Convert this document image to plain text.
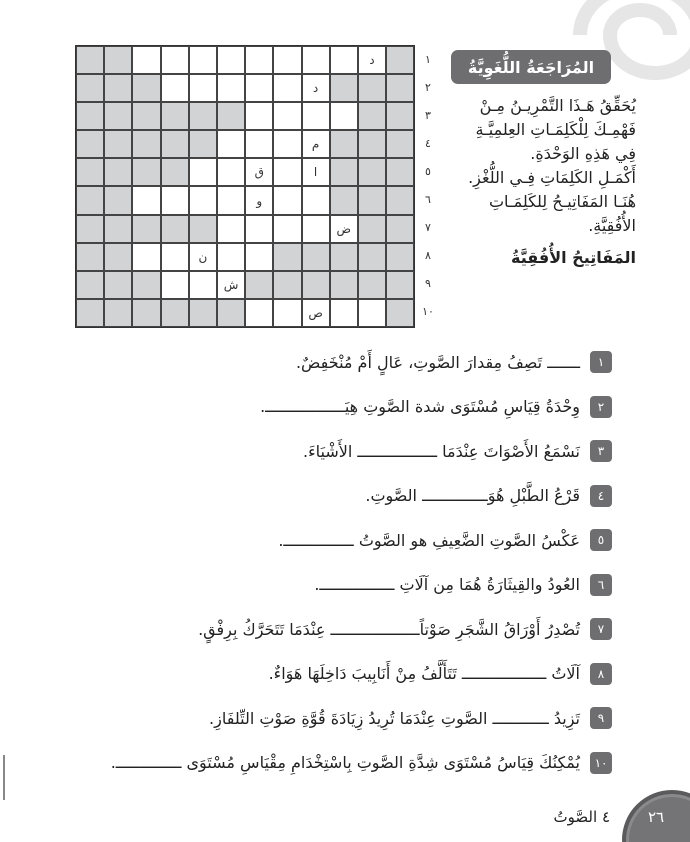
المُرَاجَعَةُ اللُّغَوِيَّةُ
يُحَقِّقُ هَـذَا التَّمْرِيـنُ مِـنْ
فَهْمِـكَ لِلْكَلِمَـاتِ العِلمِيَّـةِ
فِي هَذِهِ الوَحْدَةِ.
أَكْمَـلِ الكَلِمَاتِ فِـي اللُّغْزِ.
هُنَـا المَفَاتِيـحُ لِلكَلِمَـاتِ
الأُفُقِيَّةِ.
المَفَاتِيحُ الأُفُقِيَّةُ
د
د
م
ق	ا
و
ض
ن
ش
ص
١
٢
٣
٤
٥
٦
٧
٨
٩
١٠
١
ـــــــ تَصِفُ مِقدارَ الصَّوتِ، عَالٍ أَمْ مُنْخَفِضٌ.
٢
وِحْدَةُ قِيَاسِ مُسْتَوَى شدة الصَّوتِ هِيَـــــــــــــــــ.
٣
نَسْمَعُ الأَصْوَاتَ عِنْدَمَا ـــــــــــــــــ الأَشْيَاءَ.
٤
قَرْعُ الطَّبْلِ هُوَــــــــــــــ الصَّوتِ.
٥
عَكْسُ الصَّوتِ الضَّعِيفِ هو الصَّوتُ ـــــــــــــــ.
٦
العُودُ والقِيثَارَةُ هُمَا مِن آلَاتِ ــــــــــــــــ.
٧
تُصْدِرُ أَوْرَاقُ الشَّجَرِ صَوْتاًـــــــــــــــــــ عِنْدَمَا تَتَحَرَّكُ بِرِفْقٍ.
٨
آلَاتُ ــــــــــــــــــ تَتَأَلَّفُ مِنْ أَنَابِيبَ دَاخِلَهَا هَوَاءٌ.
٩
تَزِيدُ ــــــــــــ الصَّوتِ عِنْدَمَا تُرِيدُ زِيَادَةَ قُوَّةِ صَوْتِ التِّلفَازِ.
١٠
يُمْكِنُكَ قِيَاسُ مُسْتَوَى شِدَّةِ الصَّوتِ بِاسْتِخْدَامِ مِقْيَاسِ مُسْتَوَى ــــــــــــــ.
٢٦
٤ الصَّوتُ
